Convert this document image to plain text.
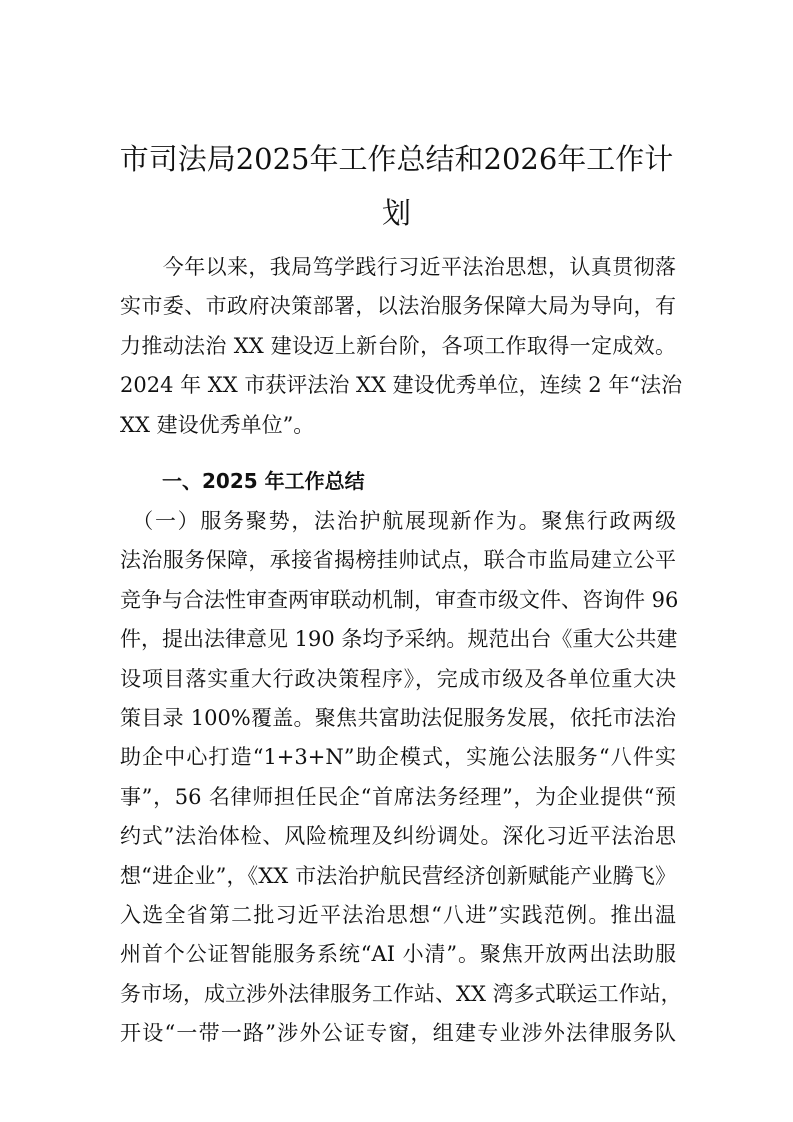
市司法局2025年工作总结和2026年工作计
划
　　今年以来，我局笃学践行习近平法治思想，认真贯彻落
实市委、市政府决策部署，以法治服务保障大局为导向，有
力推动法治 XX 建设迈上新台阶，各项工作取得一定成效。
2024 年 XX 市获评法治 XX 建设优秀单位，连续 2 年“法治
XX 建设优秀单位”。
一、2025 年工作总结
　（一）服务聚势，法治护航展现新作为。聚焦行政两级
法治服务保障，承接省揭榜挂帅试点，联合市监局建立公平
竞争与合法性审查两审联动机制，审查市级文件、咨询件 96
件，提出法律意见 190 条均予采纳。规范出台《重大公共建
设项目落实重大行政决策程序》，完成市级及各单位重大决
策目录 100%覆盖。聚焦共富助法促服务发展，依托市法治
助企中心打造“1+3+N”助企模式，实施公法服务“八件实
事”，56 名律师担任民企“首席法务经理”，为企业提供“预
约式”法治体检、风险梳理及纠纷调处。深化习近平法治思
想“进企业”，《XX 市法治护航民营经济创新赋能产业腾飞》
入选全省第二批习近平法治思想“八进”实践范例。推出温
州首个公证智能服务系统“AI 小清”。聚焦开放两出法助服
务市场，成立涉外法律服务工作站、XX 湾多式联运工作站，
开设“一带一路”涉外公证专窗，组建专业涉外法律服务队
